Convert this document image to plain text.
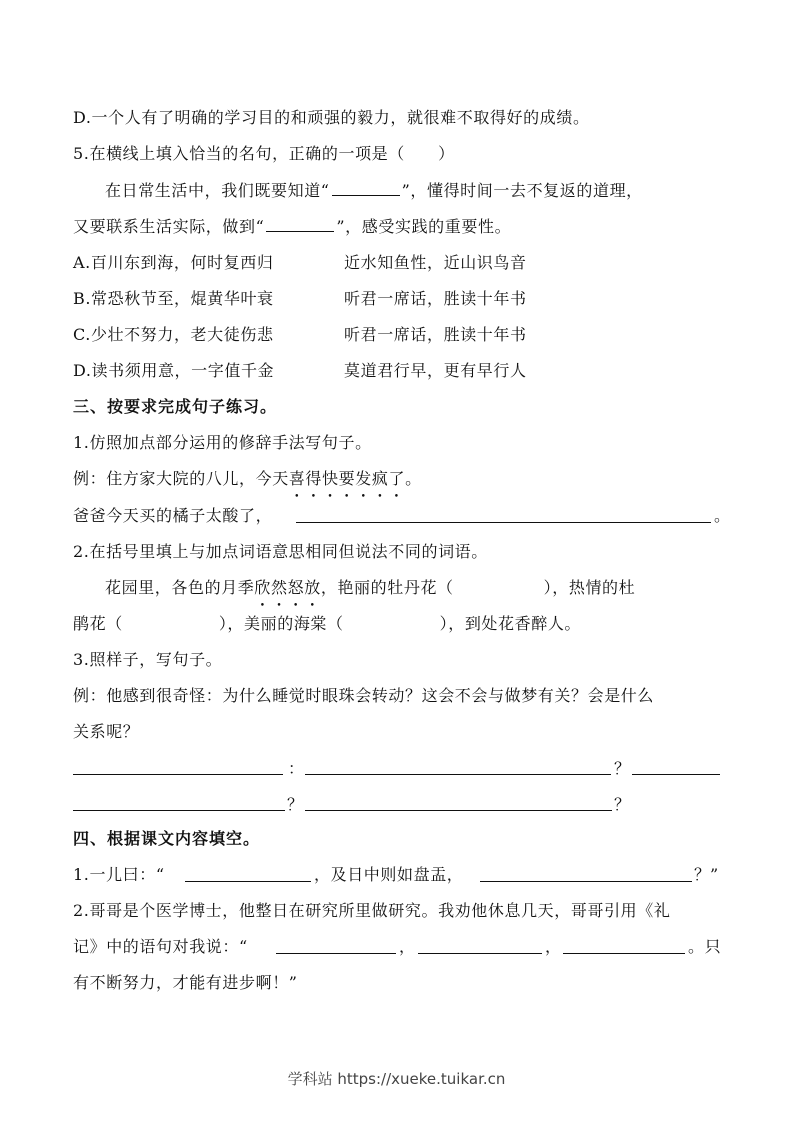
D.一个人有了明确的学习目的和顽强的毅力，就很难不取得好的成绩。
5.在横线上填入恰当的名句，正确的一项是（　　）
在日常生活中，我们既要知道“	”，懂得时间一去不复返的道理，
又要联系生活实际，做到“	”，感受实践的重要性。
A.百川东到海，何时复西归	近水知鱼性，近山识鸟音
B.常恐秋节至，焜黄华叶衰	听君一席话，胜读十年书
C.少壮不努力，老大徒伤悲	听君一席话，胜读十年书
D.读书须用意，一字值千金	莫道君行早，更有早行人
三、按要求完成句子练习。
1.仿照加点部分运用的修辞手法写句子。
例：住方家大院的八儿，今天喜得快要发疯了。
爸爸今天买的橘子太酸了，	。
2.在括号里填上与加点词语意思相同但说法不同的词语。
花园里，各色的月季欣然怒放，艳丽的牡丹花（	），热情的杜
鹃花（	），美丽的海棠（	），到处花香醉人。
3.照样子，写句子。
例：他感到很奇怪：为什么睡觉时眼珠会转动？这会不会与做梦有关？会是什么
关系呢？
：	？
？	？
四、根据课文内容填空。
1.一儿曰：“	，及日中则如盘盂，	？”
2.哥哥是个医学博士，他整日在研究所里做研究。我劝他休息几天，哥哥引用《礼
记》中的语句对我说：“	，	，	。只
有不断努力，才能有进步啊！”
学科站 https://xueke.tuikar.cn
